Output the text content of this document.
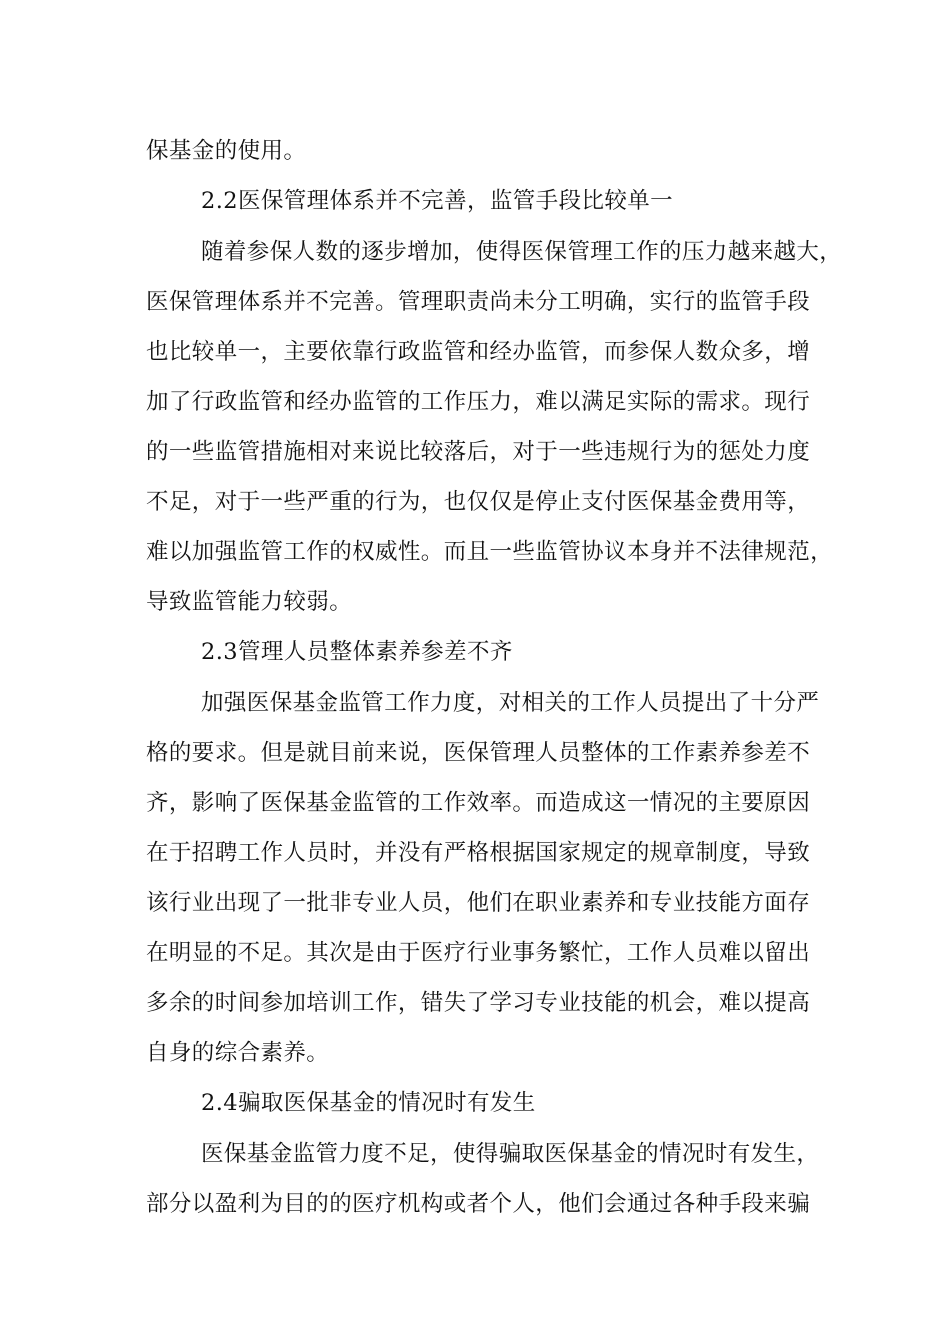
保基金的使用。
2.2医保管理体系并不完善，监管手段比较单一
随着参保人数的逐步增加，使得医保管理工作的压力越来越大，
医保管理体系并不完善。管理职责尚未分工明确，实行的监管手段
也比较单一，主要依靠行政监管和经办监管，而参保人数众多，增
加了行政监管和经办监管的工作压力，难以满足实际的需求。现行
的一些监管措施相对来说比较落后，对于一些违规行为的惩处力度
不足，对于一些严重的行为，也仅仅是停止支付医保基金费用等，
难以加强监管工作的权威性。而且一些监管协议本身并不法律规范，
导致监管能力较弱。
2.3管理人员整体素养参差不齐
加强医保基金监管工作力度，对相关的工作人员提出了十分严
格的要求。但是就目前来说，医保管理人员整体的工作素养参差不
齐，影响了医保基金监管的工作效率。而造成这一情况的主要原因
在于招聘工作人员时，并没有严格根据国家规定的规章制度，导致
该行业出现了一批非专业人员，他们在职业素养和专业技能方面存
在明显的不足。其次是由于医疗行业事务繁忙，工作人员难以留出
多余的时间参加培训工作，错失了学习专业技能的机会，难以提高
自身的综合素养。
2.4骗取医保基金的情况时有发生
医保基金监管力度不足，使得骗取医保基金的情况时有发生，
部分以盈利为目的的医疗机构或者个人，他们会通过各种手段来骗
